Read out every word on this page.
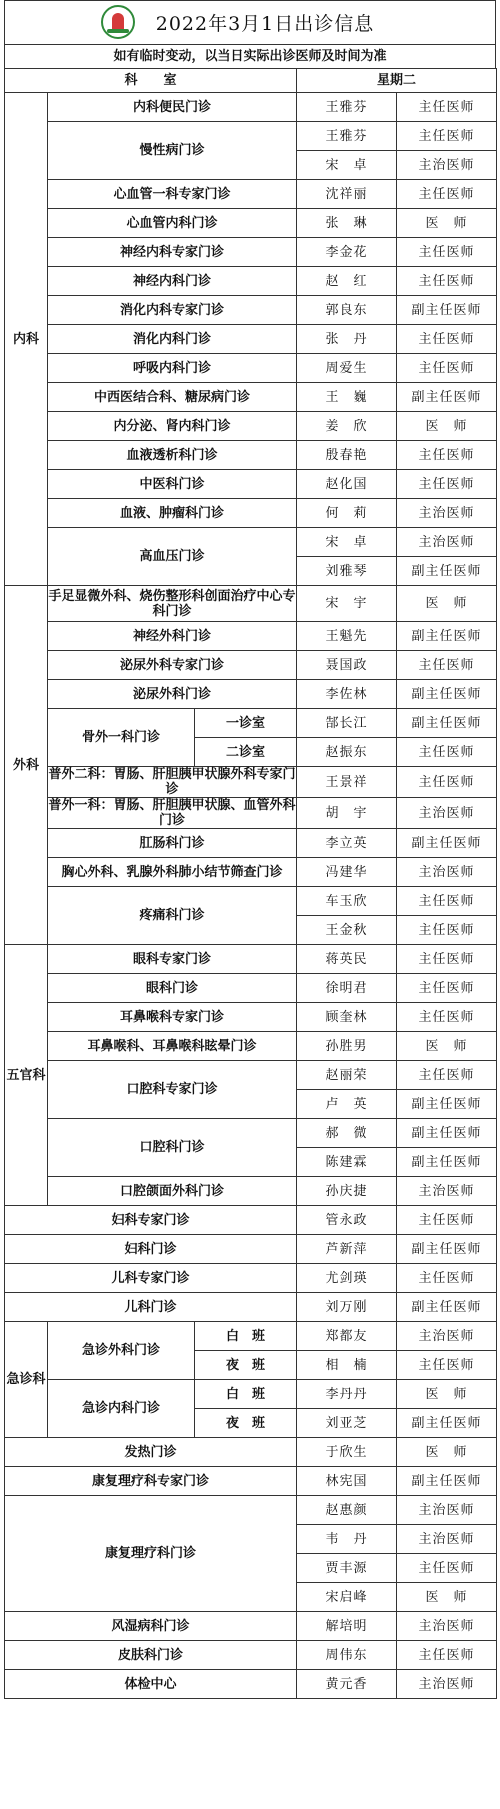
2022年3月1日出诊信息
如有临时变动，以当日实际出诊医师及时间为准
科　　室			星期二	
内科	内科便民门诊		王雅芬	主任医师
	慢性病门诊		王雅芬	主任医师
			宋　卓	主治医师
	心血管一科专家门诊		沈祥丽	主任医师
	心血管内科门诊		张　琳	医　师
	神经内科专家门诊		李金花	主任医师
	神经内科门诊		赵　红	主任医师
	消化内科专家门诊		郭良东	副主任医师
	消化内科门诊		张　丹	主任医师
	呼吸内科门诊		周爱生	主任医师
	中西医结合科、糖尿病门诊		王　巍	副主任医师
	内分泌、肾内科门诊		姜　欣	医　师
	血液透析科门诊		殷春艳	主任医师
	中医科门诊		赵化国	主任医师
	血液、肿瘤科门诊		何　莉	主治医师
	高血压门诊		宋　卓	主治医师
			刘雅琴	副主任医师
外科	手足显微外科、烧伤整形科创面治疗中心专科门诊		宋　宇	医　师
	神经外科门诊		王魁先	副主任医师
	泌尿外科专家门诊		聂国政	主任医师
	泌尿外科门诊		李佐林	副主任医师
	骨外一科门诊	一诊室	郜长江	副主任医师
		二诊室	赵振东	主任医师
	普外二科：胃肠、肝胆胰甲状腺外科专家门诊		王景祥	主任医师
	普外一科：胃肠、肝胆胰甲状腺、血管外科门诊		胡　宇	主治医师
	肛肠科门诊		李立英	副主任医师
	胸心外科、乳腺外科肺小结节筛查门诊		冯建华	主治医师
	疼痛科门诊		车玉欣	主任医师
			王金秋	主任医师
五官科	眼科专家门诊		蒋英民	主任医师
	眼科门诊		徐明君	主任医师
	耳鼻喉科专家门诊		顾奎林	主任医师
	耳鼻喉科、耳鼻喉科眩晕门诊		孙胜男	医　师
	口腔科专家门诊		赵丽荣	主任医师
			卢　英	副主任医师
	口腔科门诊		郝　微	副主任医师
			陈建霖	副主任医师
	口腔颌面外科门诊		孙庆捷	主治医师
妇科专家门诊			管永政	主任医师
妇科门诊			芦新萍	副主任医师
儿科专家门诊			尤剑瑛	主任医师
儿科门诊			刘万刚	副主任医师
急诊科	急诊外科门诊	白　班	郑都友	主治医师
		夜　班	相　楠	主任医师
	急诊内科门诊	白　班	李丹丹	医　师
		夜　班	刘亚芝	副主任医师
发热门诊			于欣生	医　师
康复理疗科专家门诊			林宪国	副主任医师
康复理疗科门诊			赵惠颜	主治医师
			韦　丹	主治医师
			贾丰源	主任医师
			宋启峰	医　师
风湿病科门诊			解培明	主治医师
皮肤科门诊			周伟东	主任医师
体检中心			黄元香	主治医师
